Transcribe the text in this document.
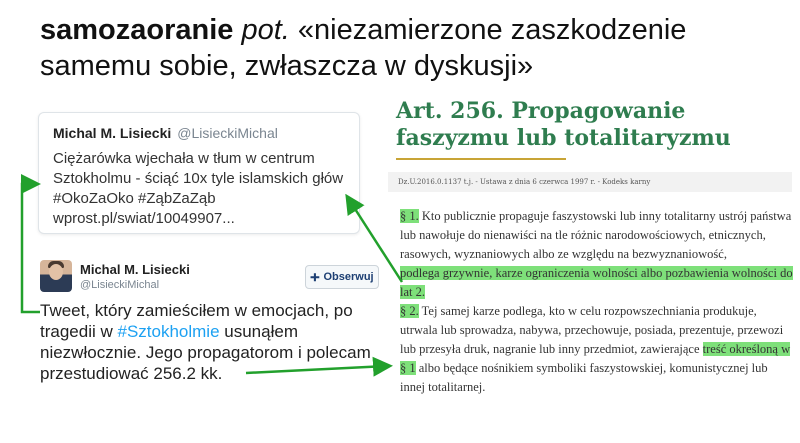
samozaoranie pot. «niezamierzone zaszkodzenie samemu sobie, zwłaszcza w dyskusji»
Michal M. Lisiecki @LisieckiMichal
Ciężarówka wjechała w tłum w centrum Sztokholmu - ściąć 10x tyle islamskich głów #OkoZaOko #ZąbZaZąb wprost.pl/swiat/10049907...
Michal M. Lisiecki
@LisieckiMichal
➕︎ Obserwuj
Tweet, który zamieściłem w emocjach, po tragedii w #Sztokholmie usunąłem niezwłocznie. Jego propagatorom i polecam przestudiować 256.2 kk.
Art. 256. Propagowanie faszyzmu lub totalitaryzmu
Dz.U.2016.0.1137 t.j. - Ustawa z dnia 6 czerwca 1997 r. - Kodeks karny
§ 1. Kto publicznie propaguje faszystowski lub inny totalitarny ustrój państwa lub nawołuje do nienawiści na tle różnic narodowościowych, etnicznych, rasowych, wyznaniowych albo ze względu na bezwyznaniowość,
podlega grzywnie, karze ograniczenia wolności albo pozbawienia wolności do lat 2.
§ 2. Tej samej karze podlega, kto w celu rozpowszechniania produkuje, utrwala lub sprowadza, nabywa, przechowuje, posiada, prezentuje, przewozi lub przesyła druk, nagranie lub inny przedmiot, zawierające treść określoną w § 1 albo będące nośnikiem symboliki faszystowskiej, komunistycznej lub innej totalitarnej.
